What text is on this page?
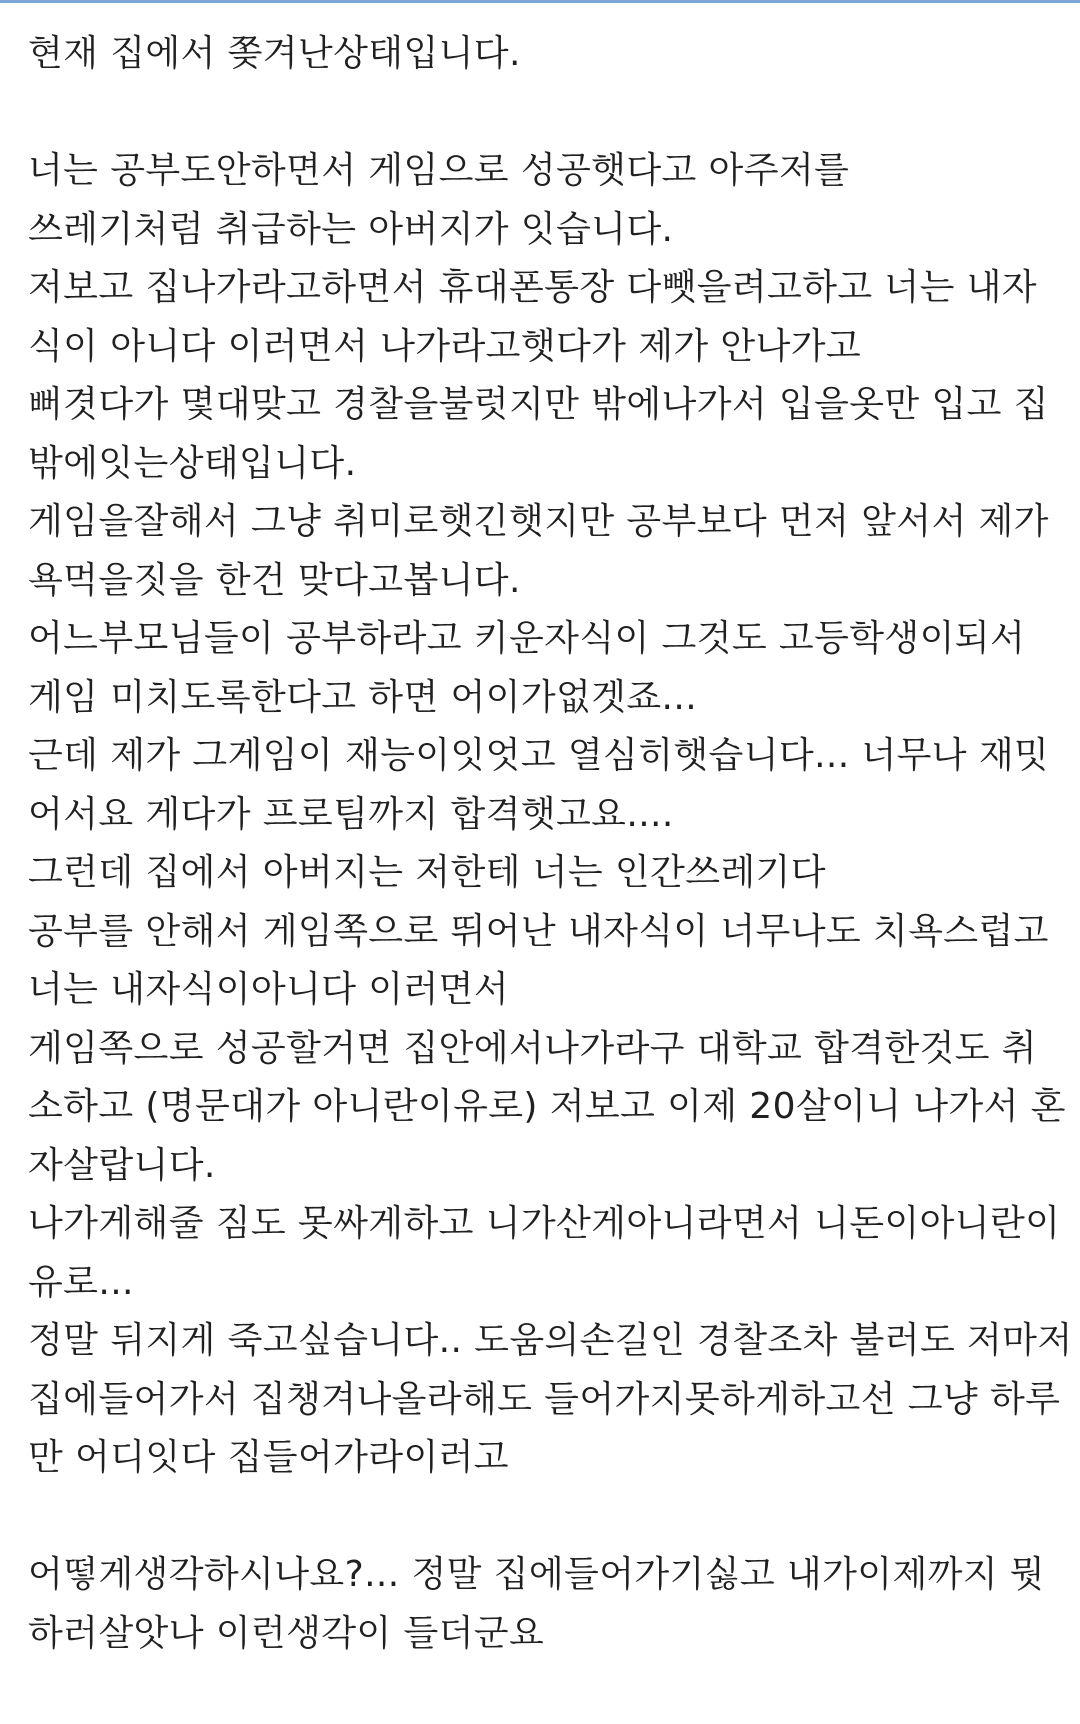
현재 집에서 쫒겨난상태입니다.
너는 공부도안하면서 게임으로 성공햇다고 아주저를
쓰레기처럼 취급하는 아버지가 잇습니다.
저보고 집나가라고하면서 휴대폰통장 다뺏을려고하고 너는 내자
식이 아니다 이러면서 나가라고햇다가 제가 안나가고
뻐겻다가 몇대맞고 경찰을불럿지만 밖에나가서 입을옷만 입고 집
밖에잇는상태입니다.
게임을잘해서 그냥 취미로햇긴햇지만 공부보다 먼저 앞서서 제가
욕먹을짓을 한건 맞다고봅니다.
어느부모님들이 공부하라고 키운자식이 그것도 고등학생이되서
게임 미치도록한다고 하면 어이가없겟죠...
근데 제가 그게임이 재능이잇엇고 열심히햇습니다... 너무나 재밋
어서요 게다가 프로팀까지 합격햇고요....
그런데 집에서 아버지는 저한테 너는 인간쓰레기다
공부를 안해서 게임쪽으로 뛰어난 내자식이 너무나도 치욕스럽고
너는 내자식이아니다 이러면서
게임쪽으로 성공할거면 집안에서나가라구 대학교 합격한것도 취
소하고 (명문대가 아니란이유로) 저보고 이제 20살이니 나가서 혼
자살랍니다.
나가게해줄 짐도 못싸게하고 니가산게아니라면서 니돈이아니란이
유로...
정말 뒤지게 죽고싶습니다.. 도움의손길인 경찰조차 불러도 저마저
집에들어가서 집챙겨나올라해도 들어가지못하게하고선 그냥 하루
만 어디잇다 집들어가라이러고
어떻게생각하시나요?... 정말 집에들어가기싫고 내가이제까지 뭣
하러살앗나 이런생각이 들더군요
